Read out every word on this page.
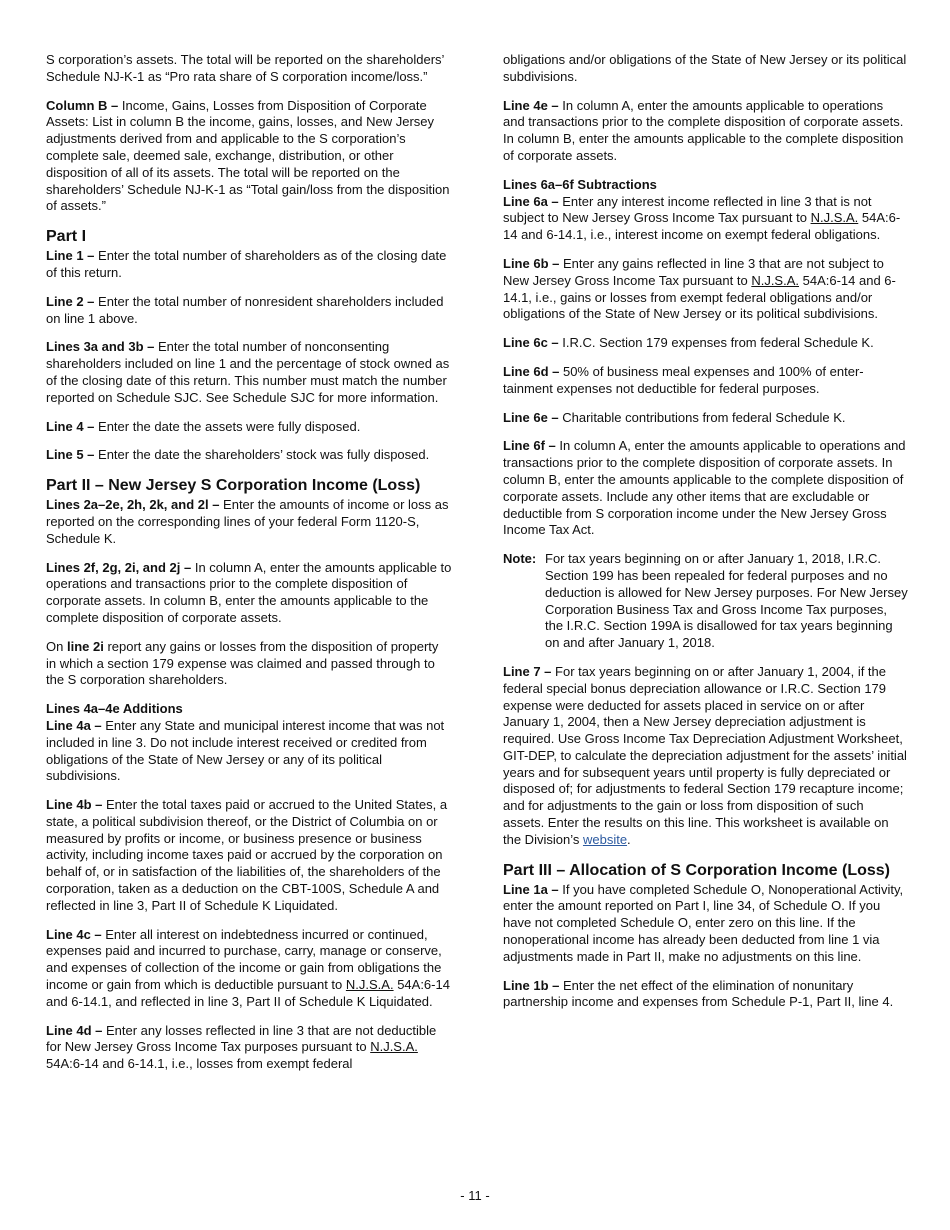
S corporation’s assets. The total will be reported on the shareholders’ Schedule NJ-K-1 as “Pro rata share of S corporation income/loss.”

Column B – Income, Gains, Losses from Disposition of Corporate Assets: List in column B the income, gains, losses, and New Jersey adjustments derived from and applicable to the S corporation’s complete sale, deemed sale, exchange, distribution, or other disposition of all of its assets. The total will be reported on the shareholders’ Schedule NJ-K-1 as “Total gain/loss from the disposition of assets.”

Part I

Line 1 – Enter the total number of shareholders as of the closing date of this return.

Line 2 – Enter the total number of nonresident shareholders included on line 1 above.

Lines 3a and 3b – Enter the total number of nonconsenting shareholders included on line 1 and the percentage of stock owned as of the closing date of this return. This number must match the number reported on Schedule SJC. See Schedule SJC for more information.

Line 4 – Enter the date the assets were fully disposed.

Line 5 – Enter the date the shareholders’ stock was fully disposed.

Part II – New Jersey S Corporation Income (Loss)

Lines 2a–2e, 2h, 2k, and 2l – Enter the amounts of income or loss as reported on the corresponding lines of your federal Form 1120-S, Schedule K.

Lines 2f, 2g, 2i, and 2j – In column A, enter the amounts applicable to operations and transactions prior to the complete disposition of corporate assets. In column B, enter the amounts applicable to the complete disposition of corporate assets.

On line 2i report any gains or losses from the disposition of property in which a section 179 expense was claimed and passed through to the S corporation shareholders.

Lines 4a–4e Additions

Line 4a – Enter any State and municipal interest income that was not included in line 3. Do not include interest received or credited from obligations of the State of New Jersey or any of its political subdivisions.

Line 4b – Enter the total taxes paid or accrued to the United States, a state, a political subdivision thereof, or the District of Columbia on or measured by profits or income, or business presence or business activity, including income taxes paid or accrued by the corporation on behalf of, or in satisfaction of the liabilities of, the shareholders of the corporation, taken as a deduction on the CBT-100S, Schedule A and reflected in line 3, Part II of Schedule K Liquidated.

Line 4c – Enter all interest on indebtedness incurred or continued, expenses paid and incurred to purchase, carry, manage or conserve, and expenses of collection of the income or gain from obligations the income or gain from which is deductible pursuant to N.J.S.A. 54A:6-14 and 6-14.1, and reflected in line 3, Part II of Schedule K Liquidated.

Line 4d – Enter any losses reflected in line 3 that are not deductible for New Jersey Gross Income Tax purposes pursuant to N.J.S.A. 54A:6-14 and 6-14.1, i.e., losses from exempt federal

obligations and/or obligations of the State of New Jersey or its political subdivisions.

Line 4e – In column A, enter the amounts applicable to operations and transactions prior to the complete disposition of corporate assets. In column B, enter the amounts applicable to the complete disposition of corporate assets.

Lines 6a–6f Subtractions

Line 6a – Enter any interest income reflected in line 3 that is not subject to New Jersey Gross Income Tax pursuant to N.J.S.A. 54A:6-14 and 6-14.1, i.e., interest income on exempt federal obligations.

Line 6b – Enter any gains reflected in line 3 that are not subject to New Jersey Gross Income Tax pursuant to N.J.S.A. 54A:6-14 and 6-14.1, i.e., gains or losses from exempt federal obligations and/or obligations of the State of New Jersey or its political subdivisions.

Line 6c – I.R.C. Section 179 expenses from federal Schedule K.

Line 6d – 50% of business meal expenses and 100% of entertainment expenses not deductible for federal purposes.

Line 6e – Charitable contributions from federal Schedule K.

Line 6f – In column A, enter the amounts applicable to operations and transactions prior to the complete disposition of corporate assets. In column B, enter the amounts applicable to the complete disposition of corporate assets. Include any other items that are excludable or deductible from S corporation income under the New Jersey Gross Income Tax Act.

Note: For tax years beginning on or after January 1, 2018, I.R.C. Section 199 has been repealed for federal purposes and no deduction is allowed for New Jersey purposes. For New Jersey Corporation Business Tax and Gross Income Tax purposes, the I.R.C. Section 199A is disallowed for tax years beginning on and after January 1, 2018.

Line 7 – For tax years beginning on or after January 1, 2004, if the federal special bonus depreciation allowance or I.R.C. Section 179 expense were deducted for assets placed in service on or after January 1, 2004, then a New Jersey depreciation adjustment is required. Use Gross Income Tax Depreciation Adjustment Worksheet, GIT-DEP, to calculate the depreciation adjustment for the assets’ initial years and for subsequent years until property is fully depreciated or disposed of; for adjustments to federal Section 179 recapture income; and for adjustments to the gain or loss from disposition of such assets. Enter the results on this line. This worksheet is available on the Division’s website.

Part III – Allocation of S Corporation Income (Loss)

Line 1a – If you have completed Schedule O, Nonoperational Activity, enter the amount reported on Part I, line 34, of Schedule O. If you have not completed Schedule O, enter zero on this line. If the nonoperational income has already been deducted from line 1 via adjustments made in Part II, make no adjustments on this line.

Line 1b – Enter the net effect of the elimination of nonunitary partnership income and expenses from Schedule P-1, Part II, line 4.

- 11 -
